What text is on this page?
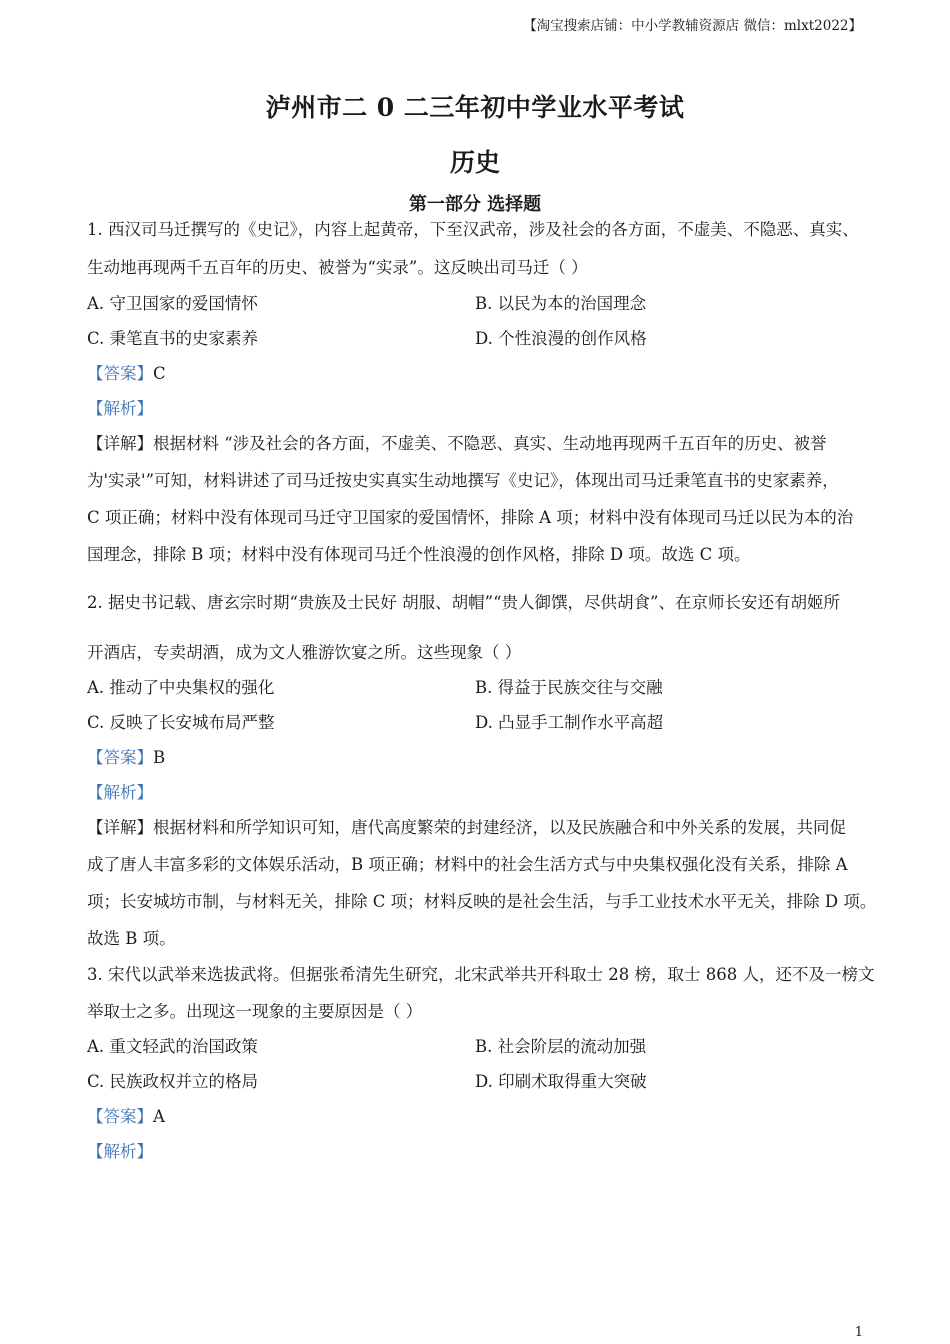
【淘宝搜索店铺：中小学教辅资源店 微信：mlxt2022】
泸州市二 0 二三年初中学业水平考试
历史
第一部分 选择题
1. 西汉司马迁撰写的《史记》，内容上起黄帝，下至汉武帝，涉及社会的各方面，不虚美、不隐恶、真实、
生动地再现两千五百年的历史、被誉为“实录”。这反映出司马迁（ ）
A. 守卫国家的爱国情怀	B. 以民为本的治国理念
C. 秉笔直书的史家素养	D. 个性浪漫的创作风格
【答案】C
【解析】
【详解】根据材料 “涉及社会的各方面，不虚美、不隐恶、真实、生动地再现两千五百年的历史、被誉
为'实录'”可知，材料讲述了司马迁按史实真实生动地撰写《史记》，体现出司马迁秉笔直书的史家素养，
C 项正确；材料中没有体现司马迁守卫国家的爱国情怀，排除 A 项；材料中没有体现司马迁以民为本的治
国理念，排除 B 项；材料中没有体现司马迁个性浪漫的创作风格，排除 D 项。故选 C 项。
2. 据史书记载、唐玄宗时期“贵族及士民好 胡服、胡帽”“贵人御馔，尽供胡食”、在京师长安还有胡姬所
开酒店，专卖胡酒，成为文人雅游饮宴之所。这些现象（ ）
A. 推动了中央集权的强化	B. 得益于民族交往与交融
C. 反映了长安城布局严整	D. 凸显手工制作水平高超
【答案】B
【解析】
【详解】根据材料和所学知识可知，唐代高度繁荣的封建经济，以及民族融合和中外关系的发展，共同促
成了唐人丰富多彩的文体娱乐活动，B 项正确；材料中的社会生活方式与中央集权强化没有关系，排除 A
项；长安城坊市制，与材料无关，排除 C 项；材料反映的是社会生活，与手工业技术水平无关，排除 D 项。
故选 B 项。
3. 宋代以武举来选拔武将。但据张希清先生研究，北宋武举共开科取士 28 榜，取士 868 人，还不及一榜文
举取士之多。出现这一现象的主要原因是（ ）
A. 重文轻武的治国政策	B. 社会阶层的流动加强
C. 民族政权并立的格局	D. 印刷术取得重大突破
【答案】A
【解析】
1
